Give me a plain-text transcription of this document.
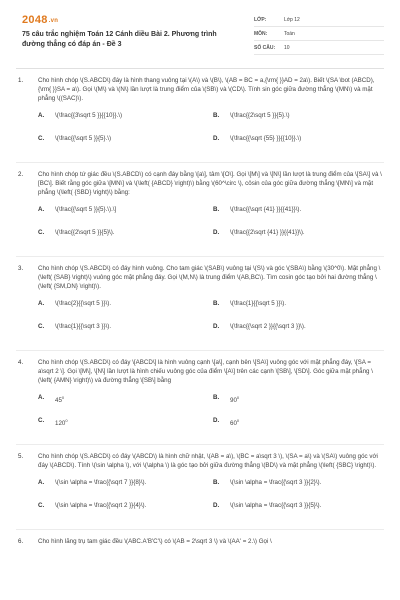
2048.vn
75 câu trắc nghiệm Toán 12 Cánh diều Bài 2. Phương trình đường thẳng có đáp án - Đề 3
LỚP:	Lớp 12
MÔN:	Toán
SỐ CÂU:	10
1.	Cho hình chóp \(S.ABCD\) đáy là hình thang vuông tại \(A\) và \(B\), \(AB = BC = a,{\rm{ }}AD = 2a\). Biết \(SA \bot (ABCD),{\rm{ }}SA = a\). Gọi \(M\) và \(N\) lần lượt là trung điểm của \(SB\) và \(CD\). Tính sin góc giữa đường thẳng \(MN\) và mặt phẳng \((SAC)\).
A.	\(\frac{{3\sqrt 5 }}{{10}}.\)	B.	\(\frac{{2\sqrt 5 }}{5}.\)
C.	\(\frac{{\sqrt 5 }}{5}.\)	D.	\(\frac{{\sqrt {55} }}{{10}}.\)
2.	Cho hình chóp tứ giác đều \(S.ABCD\) có cạnh đáy bằng \[a\], tâm \[O\]. Gọi \[M\] và \[N\] lần lượt là trung điểm của \[SA\] và \[BC\]. Biết rằng góc giữa \[MN\] và \(\left( {ABCD} \right)\) bằng \(60^\circ \), côsin của góc giữa đường thẳng \[MN\] và mặt phẳng \(\left( {SBD} \right)\) bằng:
A.	\(\frac{{\sqrt 5 }}{5}.\).\]	B.	\(\frac{{\sqrt {41} }}{{41}}\).
C.	\(\frac{{2\sqrt 5 }}{5}\).	D.	\(\frac{{2\sqrt {41} }}{{41}}\).
3.	Cho hình chóp \(S.ABCD\) có đáy hình vuông. Cho tam giác \(SAB\) vuông tại \(S\) và góc \(SBA\) bằng \(30^0\). Mặt phẳng \(\left( {SAB} \right)\) vuông góc mặt phẳng đáy. Gọi \(M,N\) là trung điểm \(AB,BC\). Tìm cosin góc tạo bởi hai đường thẳng \(\left( {SM,DN} \right)\).
A.	\(\frac{2}{{\sqrt 5 }}\).	B.	\(\frac{1}{{\sqrt 5 }}\).
C.	\(\frac{1}{{\sqrt 3 }}\).	D.	\(\frac{{\sqrt 2 }}{{\sqrt 3 }}\).
4.	Cho hình chóp \(S.ABCD\) có đáy \[ABCD\] là hình vuông cạnh \[a\], cạnh bên \[SA\] vuông góc với mặt phẳng đáy, \[SA = a\sqrt 2 \]. Gọi \[M\], \[N\] lần lượt là hình chiếu vuông góc của điểm \[A\] trên các cạnh \[SB\], \[SD\]. Góc giữa mặt phẳng \(\left( {AMN} \right)\) và đường thẳng \[SB\] bằng
A.	$45^0$	B.	$90^0$
C.	$120^0$	D.	$60^0$
5.	Cho hình chóp \(S.ABCD\) có đáy \(ABCD\) là hình chữ nhật, \(AB = a\), \(BC = a\sqrt 3 \), \(SA = a\) và \(SA\) vuông góc với đáy \(ABCD\). Tính \(\sin \alpha \), với \(\alpha \) là góc tạo bởi giữa đường thẳng \(BD\) và mặt phẳng \(\left( {SBC} \right)\).
A.	\(\sin \alpha = \frac{{\sqrt 7 }}{8}\).	B.	\(\sin \alpha = \frac{{\sqrt 3 }}{2}\).
C.	\(\sin \alpha = \frac{{\sqrt 2 }}{4}\).	D.	\(\sin \alpha = \frac{{\sqrt 3 }}{5}\).
6.	Cho hình lăng trụ tam giác đều \(ABC.A'B'C'\) có \(AB = 2\sqrt 3 \) và \(AA' = 2.\) Gọi \
